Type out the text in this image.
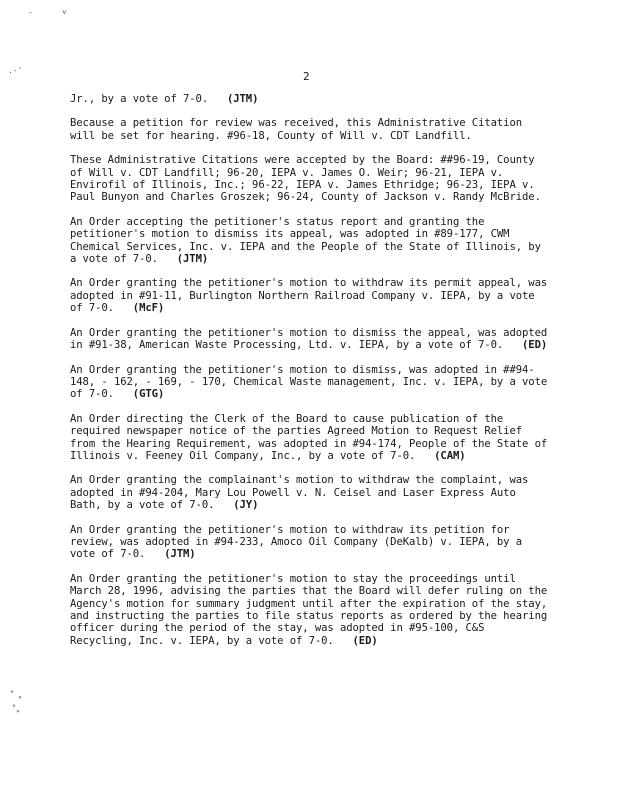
-	˅
.-'	2

Jr., by a vote of 7-0. (JTM)

Because a petition for review was received, this Administrative Citation will be set for hearing. #96-18, County of Will v. CDT Landfill.

These Administrative Citations were accepted by the Board: ##96-19, County of Will v. CDT Landfill; 96-20, IEPA v. James O. Weir; 96-21, IEPA v. Envirofil of Illinois, Inc.; 96-22, IEPA v. James Ethridge; 96-23, IEPA v. Paul Bunyon and Charles Groszek; 96-24, County of Jackson v. Randy McBride.

An Order accepting the petitioner's status report and granting the petitioner's motion to dismiss its appeal, was adopted in #89-177, CWM Chemical Services, Inc. v. IEPA and the People of the State of Illinois, by a vote of 7-0. (JTM)

An Order granting the petitioner's motion to withdraw its permit appeal, was adopted in #91-11, Burlington Northern Railroad Company v. IEPA, by a vote of 7-0. (McF)

An Order granting the petitioner's motion to dismiss the appeal, was adopted in #91-38, American Waste Processing, Ltd. v. IEPA, by a vote of 7-0. (ED)

An Order granting the petitioner's motion to dismiss, was adopted in ##94-148, - 162, - 169, - 170, Chemical Waste management, Inc. v. IEPA, by a vote of 7-0. (GTG)

An Order directing the Clerk of the Board to cause publication of the required newspaper notice of the parties Agreed Motion to Request Relief from the Hearing Requirement, was adopted in #94-174, People of the State of Illinois v. Feeney Oil Company, Inc., by a vote of 7-0. (CAM)

An Order granting the complainant's motion to withdraw the complaint, was adopted in #94-204, Mary Lou Powell v. N. Ceisel and Laser Express Auto Bath, by a vote of 7-0. (JY)

An Order granting the petitioner's motion to withdraw its petition for review, was adopted in #94-233, Amoco Oil Company (DeKalb) v. IEPA, by a vote of 7-0. (JTM)

An Order granting the petitioner's motion to stay the proceedings until March 28, 1996, advising the parties that the Board will defer ruling on the Agency's motion for summary judgment until after the expiration of the stay, and instructing the parties to file status reports as ordered by the hearing officer during the period of the stay, was adopted in #95-100, C&S Recycling, Inc. v. IEPA, by a vote of 7-0. (ED)
